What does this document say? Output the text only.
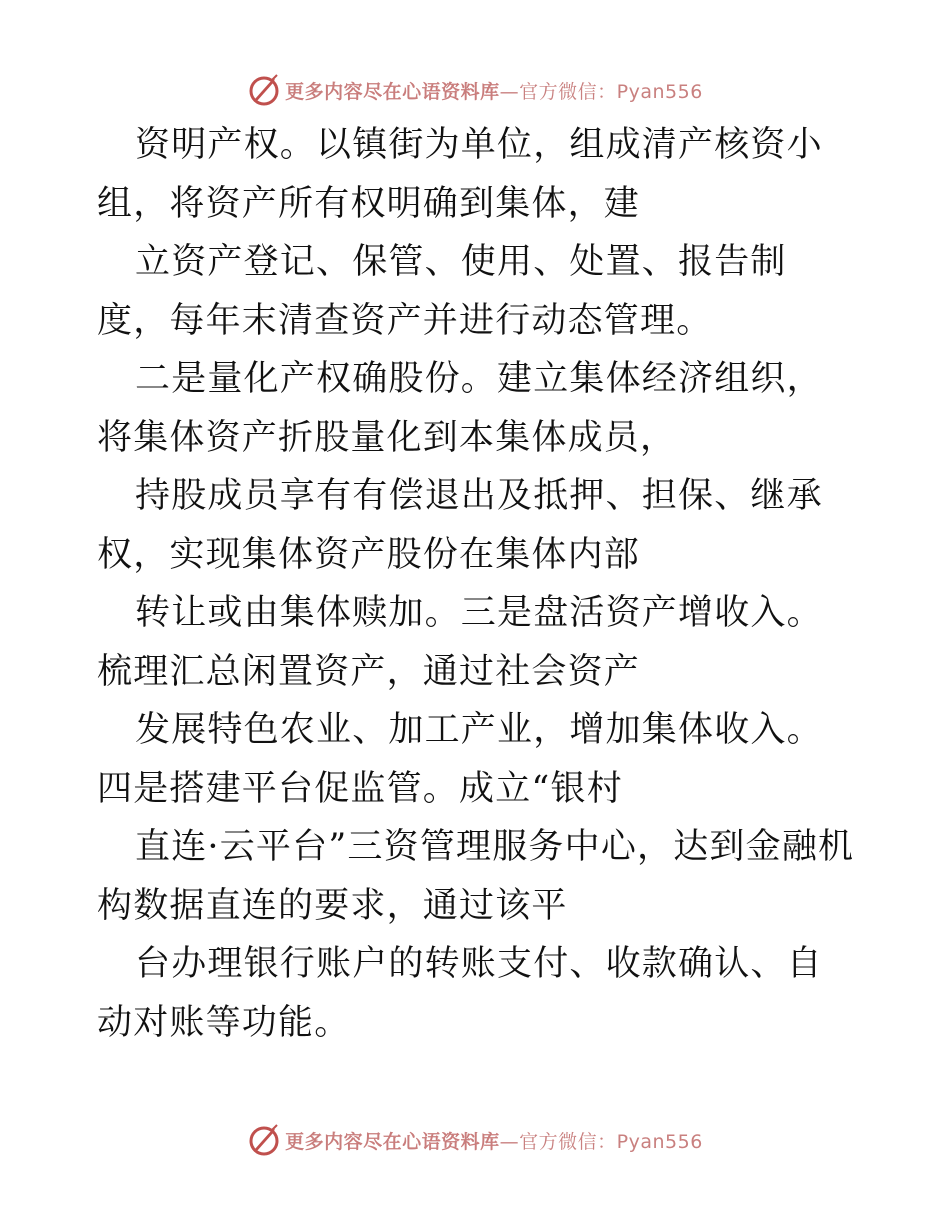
更多内容尽在心语资料库—官方微信：Pyan556

资明产权。以镇街为单位，组成清产核资小组，将资产所有权明确到集体，建

立资产登记、保管、使用、处置、报告制度，每年末清查资产并进行动态管理。

二是量化产权确股份。建立集体经济组织，将集体资产折股量化到本集体成员，

持股成员享有有偿退出及抵押、担保、继承权，实现集体资产股份在集体内部

转让或由集体赎加。三是盘活资产增收入。梳理汇总闲置资产，通过社会资产

发展特色农业、加工产业，增加集体收入。四是搭建平台促监管。成立“银村

直连·云平台”三资管理服务中心，达到金融机构数据直连的要求，通过该平

台办理银行账户的转账支付、收款确认、自动对账等功能。

更多内容尽在心语资料库—官方微信：Pyan556
